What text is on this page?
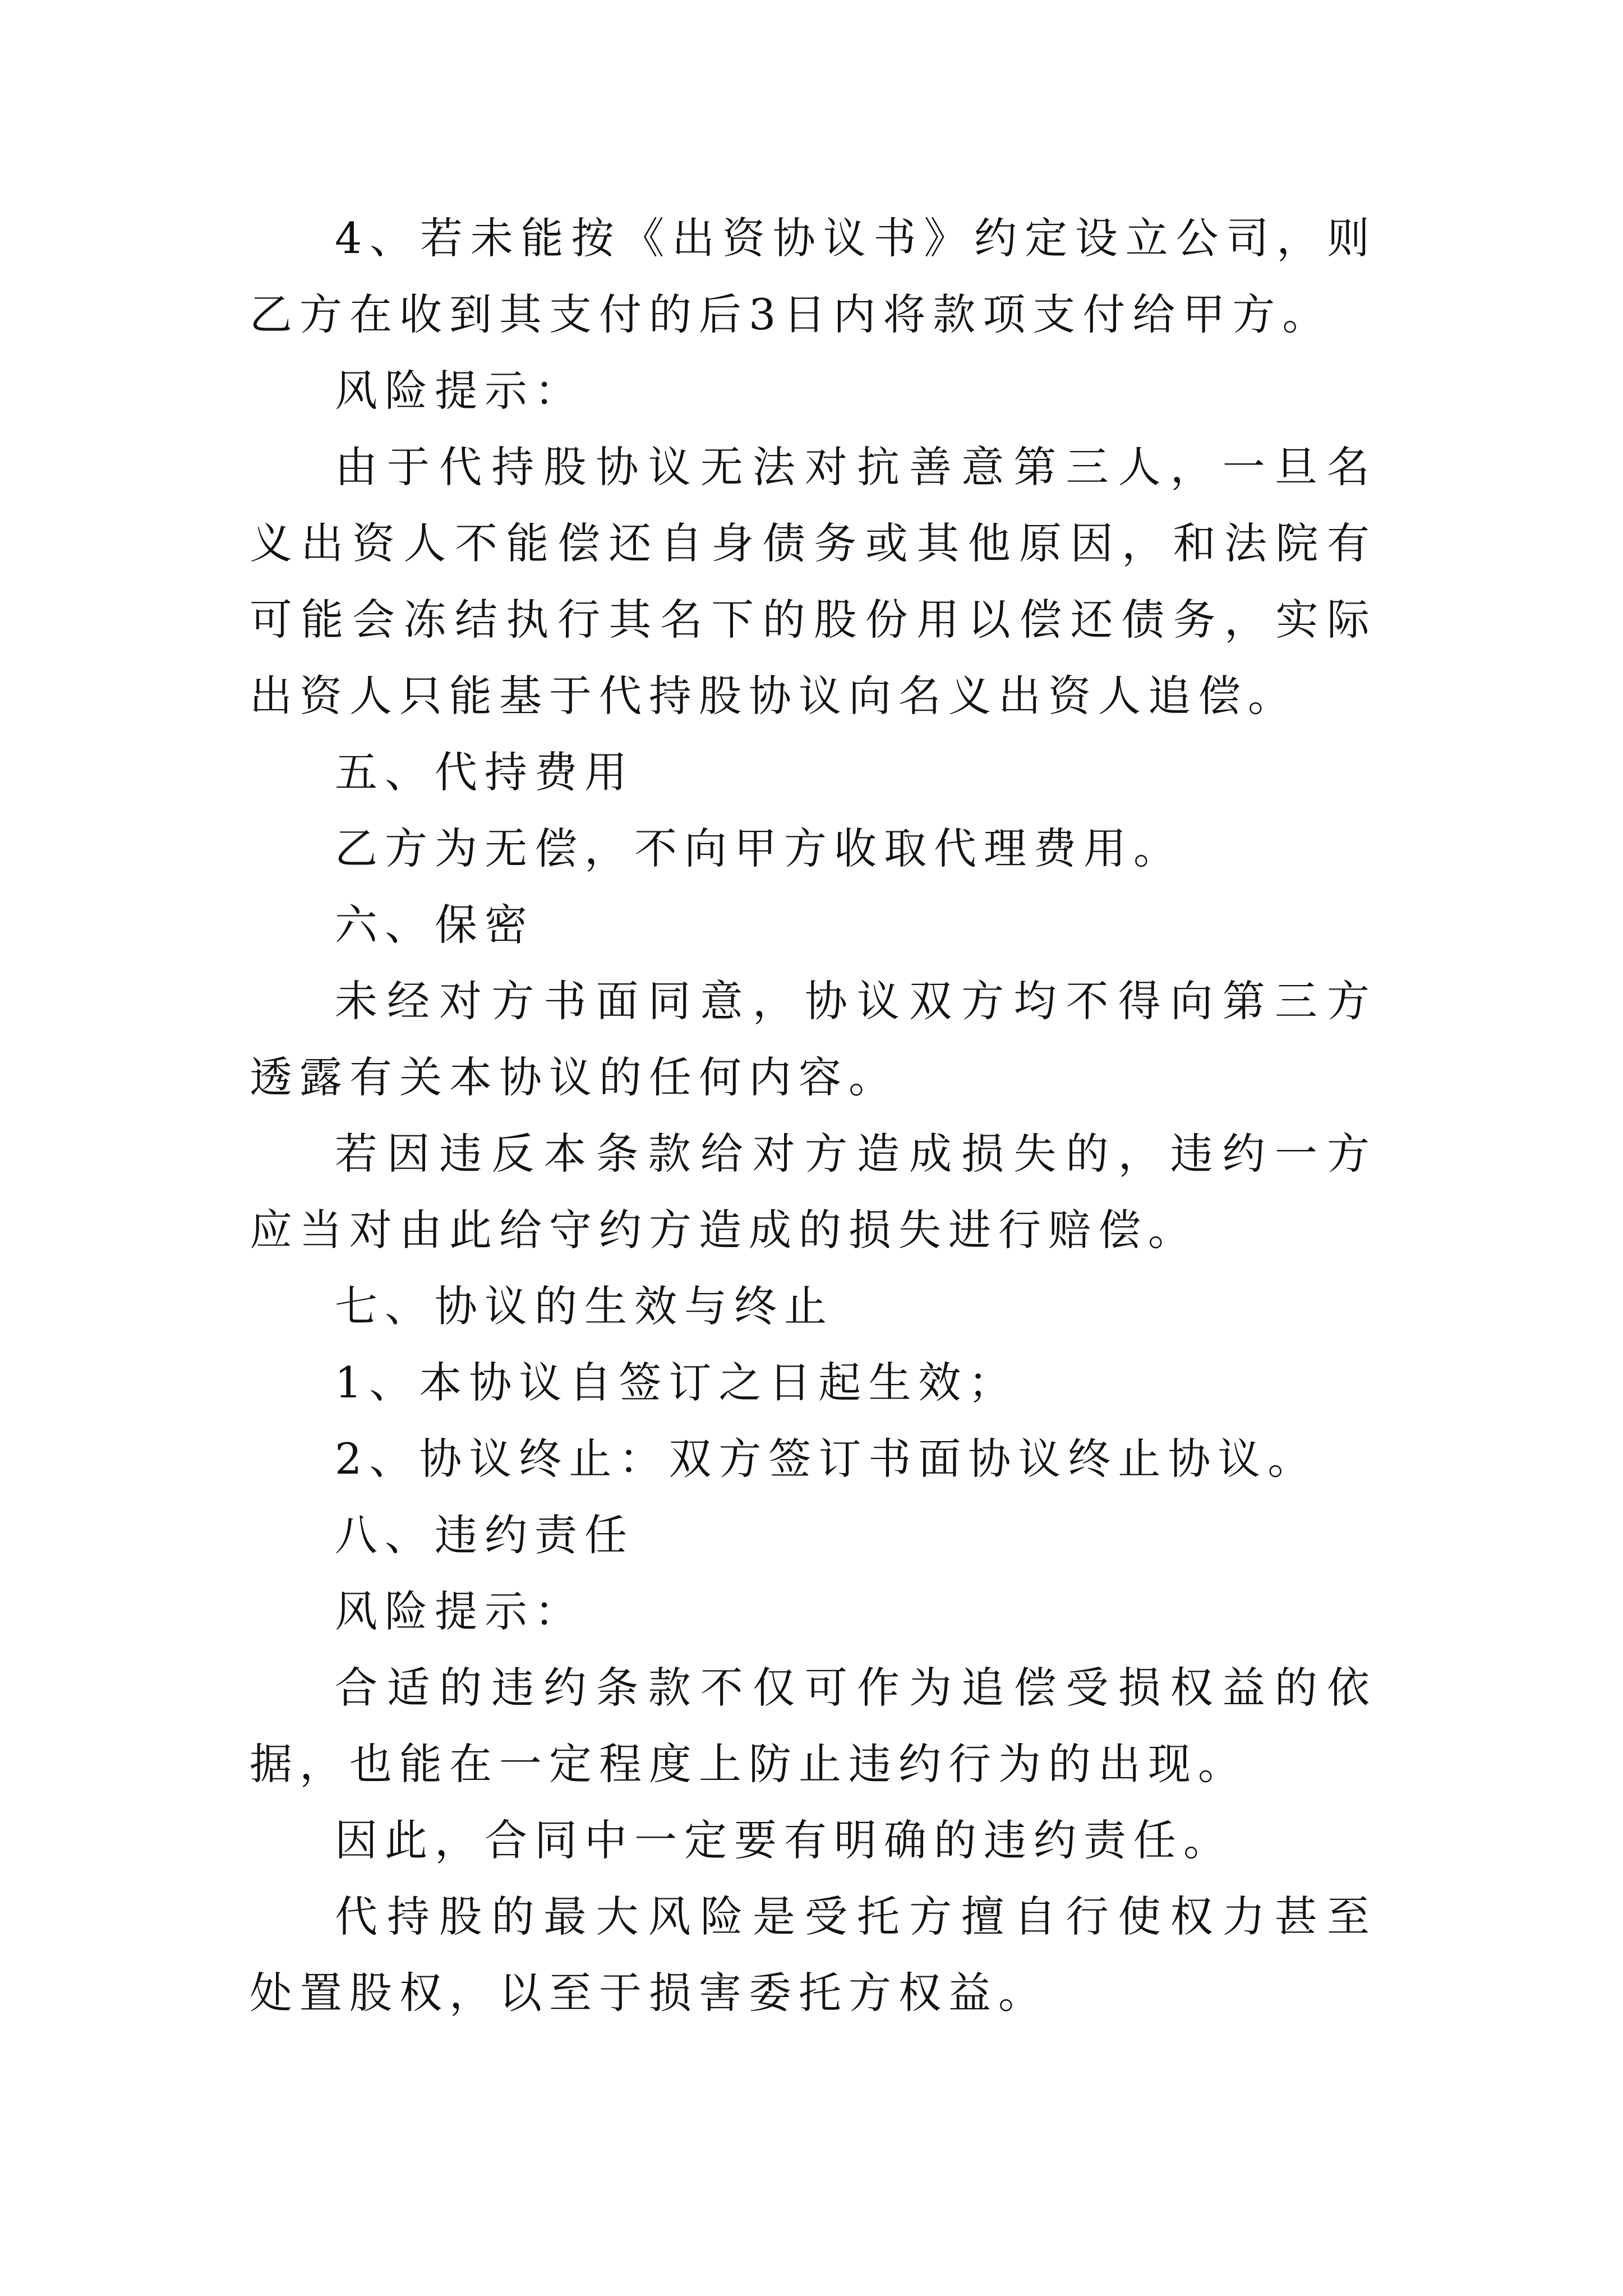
4、若未能按《出资协议书》约定设立公司，则乙方在收到其支付的后3日内将款项支付给甲方。

风险提示：

由于代持股协议无法对抗善意第三人，一旦名义出资人不能偿还自身债务或其他原因，和法院有可能会冻结执行其名下的股份用以偿还债务，实际出资人只能基于代持股协议向名义出资人追偿。

五、代持费用

乙方为无偿，不向甲方收取代理费用。

六、保密

未经对方书面同意，协议双方均不得向第三方透露有关本协议的任何内容。

若因违反本条款给对方造成损失的，违约一方应当对由此给守约方造成的损失进行赔偿。

七、协议的生效与终止

1、本协议自签订之日起生效；

2、协议终止：双方签订书面协议终止协议。

八、违约责任

风险提示：

合适的违约条款不仅可作为追偿受损权益的依据，也能在一定程度上防止违约行为的出现。

因此，合同中一定要有明确的违约责任。

代持股的最大风险是受托方擅自行使权力甚至处置股权，以至于损害委托方权益。
